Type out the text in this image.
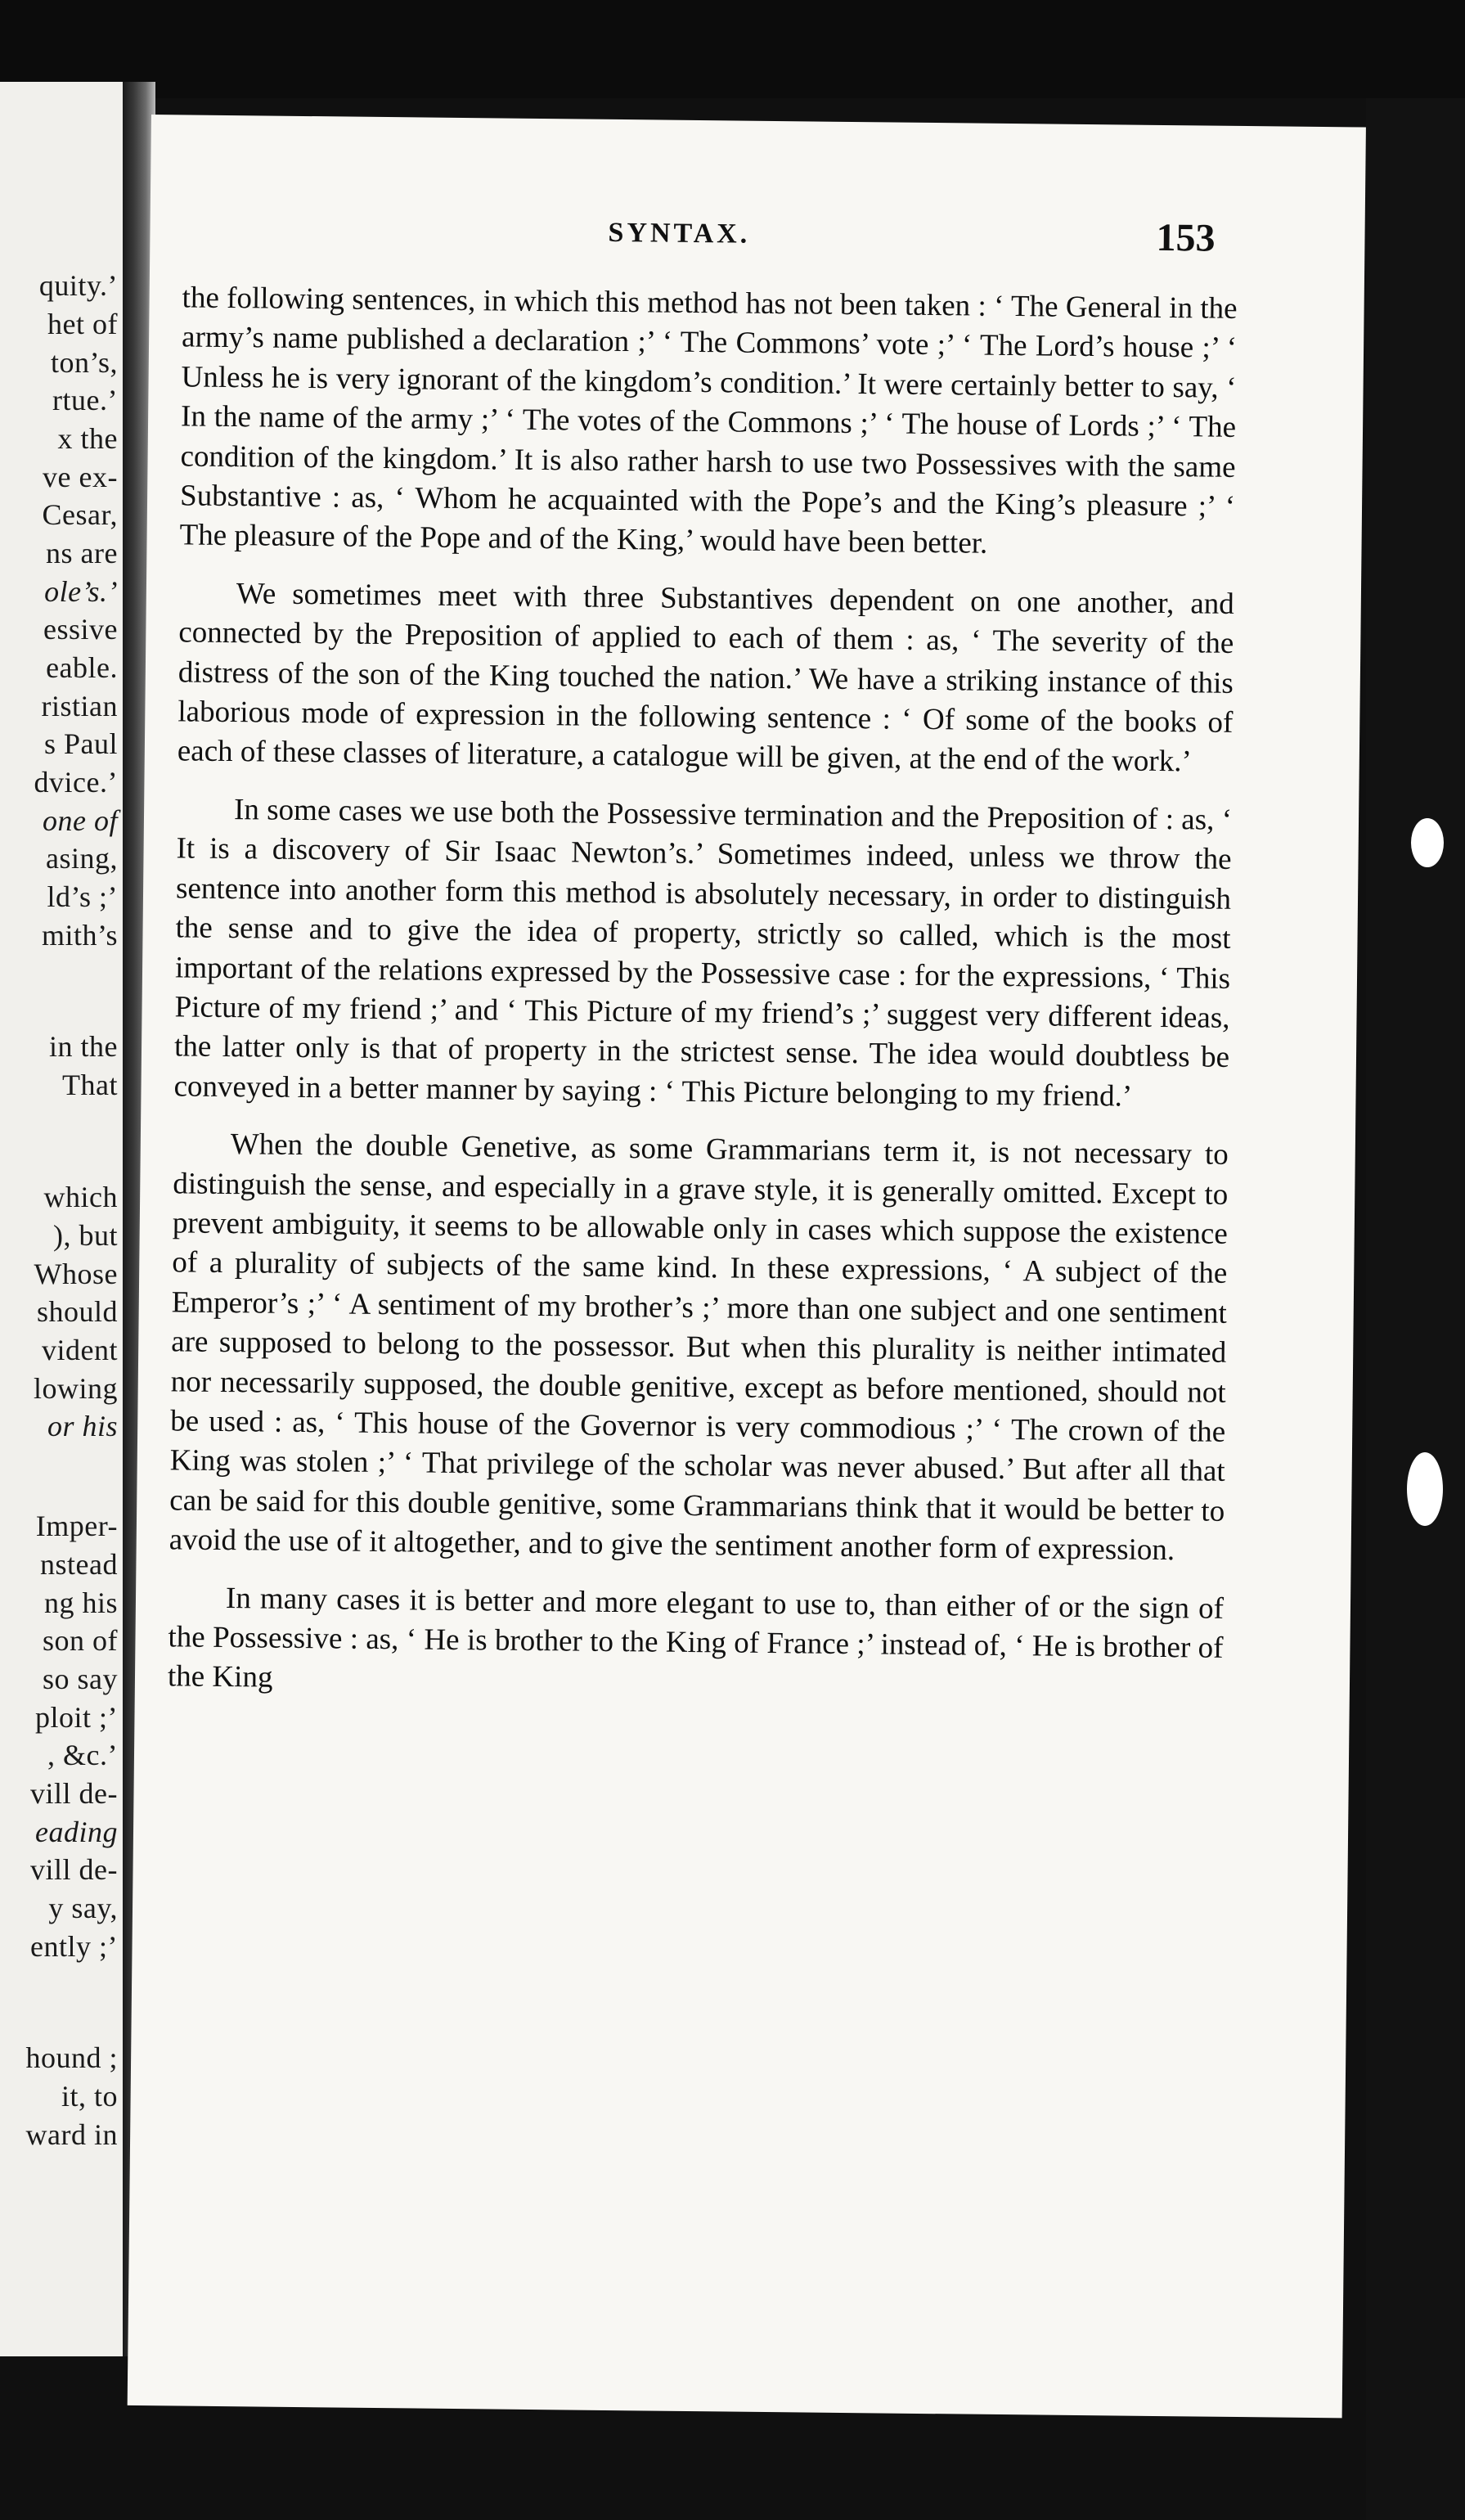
quity.’
het of
ton’s,
rtue.’
x the
ve ex-
Cesar,
ns are
ole’s.’
essive
eable.
ristian
s Paul
dvice.’
one of
asing,
ld’s ;’
mith’s
in the
That
which
), but
Whose
should
vident
lowing
or his
Imper-
nstead
ng his
son of
so say
ploit ;’
, &c.’
vill de-
eading
vill de-
y say,
ently ;’
hound ;
it, to
ward in
SYNTAX.	153

the following sentences, in which this method has not been taken : ‘ The General in the army’s name published a declaration ;’ ‘ The Commons’ vote ;’ ‘ The Lord’s house ;’ ‘ Unless he is very ignorant of the kingdom’s condition.’ It were certainly better to say, ‘ In the name of the army ;’ ‘ The votes of the Commons ;’ ‘ The house of Lords ;’ ‘ The condition of the kingdom.’ It is also rather harsh to use two Possessives with the same Substantive : as, ‘ Whom he acquainted with the Pope’s and the King’s pleasure ;’ ‘ The pleasure of the Pope and of the King,’ would have been better.

We sometimes meet with three Substantives dependent on one another, and connected by the Preposition of applied to each of them : as, ‘ The severity of the distress of the son of the King touched the nation.’ We have a striking instance of this laborious mode of expression in the following sentence : ‘ Of some of the books of each of these classes of literature, a catalogue will be given, at the end of the work.’

In some cases we use both the Possessive termination and the Preposition of : as, ‘ It is a discovery of Sir Isaac Newton’s.’ Sometimes indeed, unless we throw the sentence into another form this method is absolutely necessary, in order to distinguish the sense and to give the idea of property, strictly so called, which is the most important of the relations expressed by the Possessive case : for the expressions, ‘ This Picture of my friend ;’ and ‘ This Picture of my friend’s ;’ suggest very different ideas, the latter only is that of property in the strictest sense. The idea would doubtless be conveyed in a better manner by saying : ‘ This Picture belonging to my friend.’

When the double Genetive, as some Grammarians term it, is not necessary to distinguish the sense, and especially in a grave style, it is generally omitted. Except to prevent ambiguity, it seems to be allowable only in cases which suppose the existence of a plurality of subjects of the same kind. In these expressions, ‘ A subject of the Emperor’s ;’ ‘ A sentiment of my brother’s ;’ more than one subject and one sentiment are supposed to belong to the possessor. But when this plurality is neither intimated nor necessarily supposed, the double genitive, except as before mentioned, should not be used : as, ‘ This house of the Governor is very commodious ;’ ‘ The crown of the King was stolen ;’ ‘ That privilege of the scholar was never abused.’ But after all that can be said for this double genitive, some Grammarians think that it would be better to avoid the use of it altogether, and to give the sentiment another form of expression.

In many cases it is better and more elegant to use to, than either of or the sign of the Possessive : as, ‘ He is brother to the King of France ;’ instead of, ‘ He is brother of the King
